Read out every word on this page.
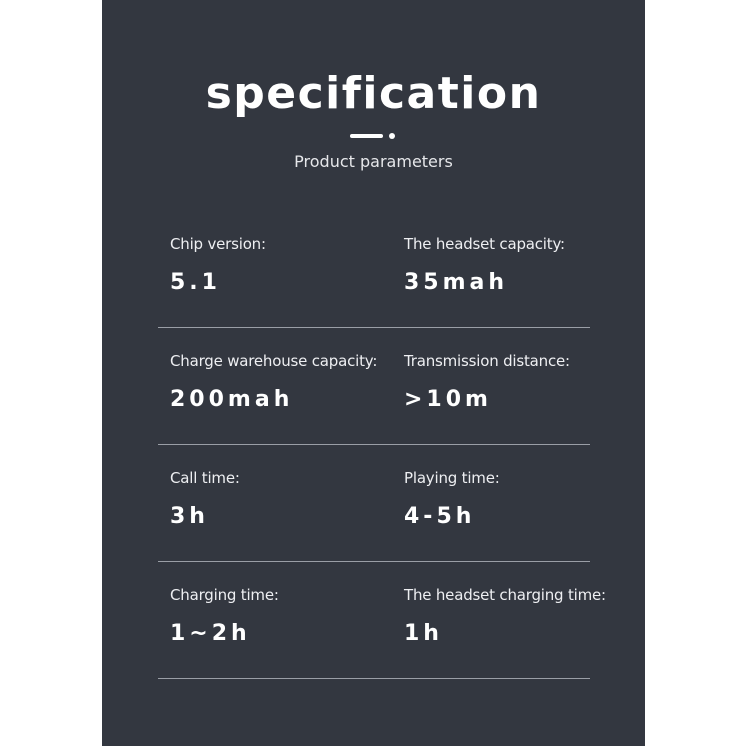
specification
Product parameters
Chip version:
5.1
The headset capacity:
35mah
Charge warehouse capacity:
200mah
Transmission distance:
>10m
Call time:
3h
Playing time:
4-5h
Charging time:
1~2h
The headset charging time:
1h
